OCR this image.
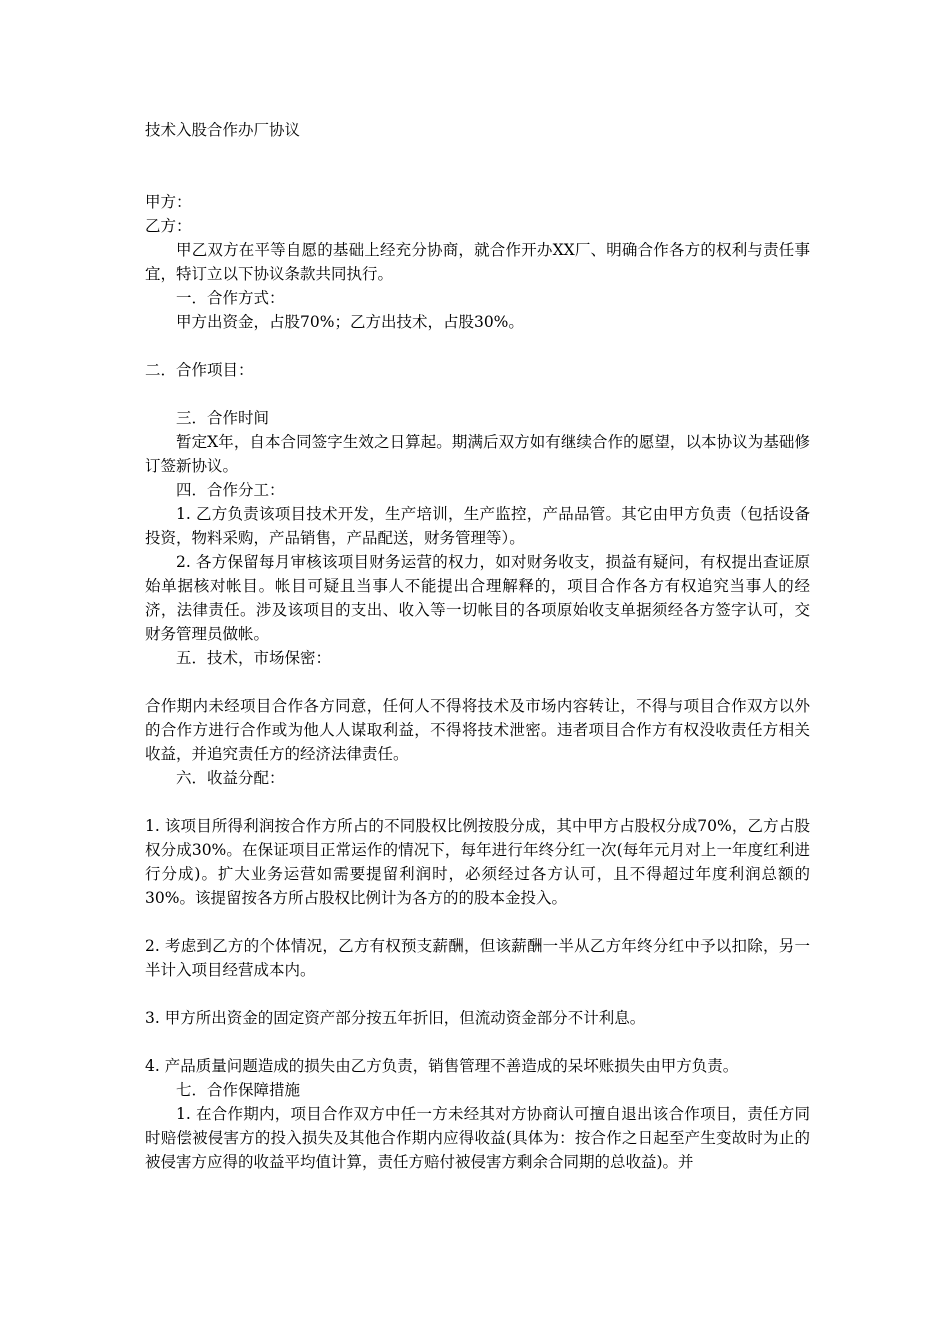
技术入股合作办厂协议

甲方：

乙方：

甲乙双方在平等自愿的基础上经充分协商，就合作开办XX厂、明确合作各方的权利与责任事宜，特订立以下协议条款共同执行。

一．合作方式：

甲方出资金，占股70%；乙方出技术，占股30%。

二．合作项目：

三．合作时间

暂定X年，自本合同签字生效之日算起。期满后双方如有继续合作的愿望，以本协议为基础修订签新协议。

四．合作分工：

1. 乙方负责该项目技术开发，生产培训，生产监控，产品品管。其它由甲方负责（包括设备投资，物料采购，产品销售，产品配送，财务管理等）。

2. 各方保留每月审核该项目财务运营的权力，如对财务收支，损益有疑问，有权提出查证原始单据核对帐目。帐目可疑且当事人不能提出合理解释的，项目合作各方有权追究当事人的经济，法律责任。涉及该项目的支出、收入等一切帐目的各项原始收支单据须经各方签字认可，交财务管理员做帐。

五．技术，市场保密：

合作期内未经项目合作各方同意，任何人不得将技术及市场内容转让，不得与项目合作双方以外的合作方进行合作或为他人人谋取利益，不得将技术泄密。违者项目合作方有权没收责任方相关收益，并追究责任方的经济法律责任。

六．收益分配：

1. 该项目所得利润按合作方所占的不同股权比例按股分成，其中甲方占股权分成70%，乙方占股权分成30%。在保证项目正常运作的情况下，每年进行年终分红一次(每年元月对上一年度红利进行分成)。扩大业务运营如需要提留利润时，必须经过各方认可，且不得超过年度利润总额的30%。该提留按各方所占股权比例计为各方的的股本金投入。

2. 考虑到乙方的个体情况，乙方有权预支薪酬，但该薪酬一半从乙方年终分红中予以扣除，另一半计入项目经营成本内。

3. 甲方所出资金的固定资产部分按五年折旧，但流动资金部分不计利息。

4. 产品质量问题造成的损失由乙方负责，销售管理不善造成的呆坏账损失由甲方负责。

七．合作保障措施

1. 在合作期内，项目合作双方中任一方未经其对方协商认可擅自退出该合作项目，责任方同时赔偿被侵害方的投入损失及其他合作期内应得收益(具体为：按合作之日起至产生变故时为止的被侵害方应得的收益平均值计算，责任方赔付被侵害方剩余合同期的总收益)。并
